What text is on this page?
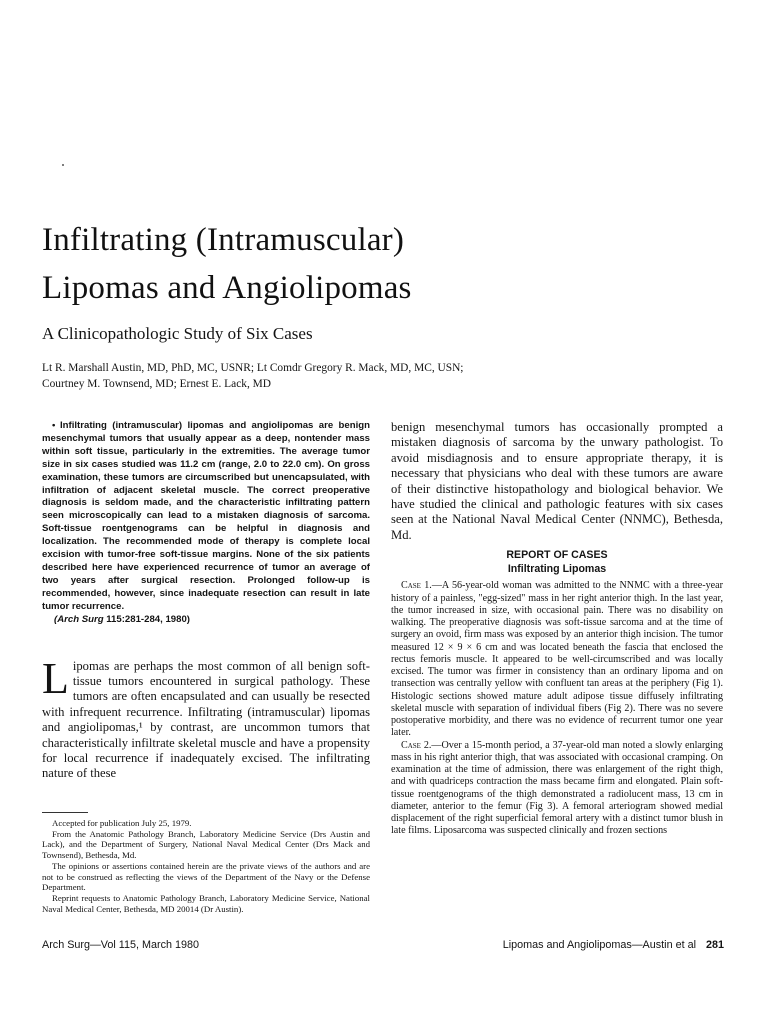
Infiltrating (Intramuscular)
Lipomas and Angiolipomas
A Clinicopathologic Study of Six Cases
Lt R. Marshall Austin, MD, PhD, MC, USNR; Lt Comdr Gregory R. Mack, MD, MC, USN;
Courtney M. Townsend, MD; Ernest E. Lack, MD

• Infiltrating (intramuscular) lipomas and angiolipomas are benign mesenchymal tumors that usually appear as a deep, nontender mass within soft tissue, particularly in the extremities. The average tumor size in six cases studied was 11.2 cm (range, 2.0 to 22.0 cm). On gross examination, these tumors are circumscribed but unencapsulated, with infiltration of adjacent skeletal muscle. The correct preoperative diagnosis is seldom made, and the characteristic infiltrating pattern seen microscopically can lead to a mistaken diagnosis of sarcoma. Soft-tissue roentgenograms can be helpful in diagnosis and localization. The recommended mode of therapy is complete local excision with tumor-free soft-tissue margins. None of the six patients described here have experienced recurrence of tumor an average of two years after surgical resection. Prolonged follow-up is recommended, however, since inadequate resection can result in late tumor recurrence.

(Arch Surg 115:281-284, 1980)

Lipomas are perhaps the most common of all benign soft-tissue tumors encountered in surgical pathology. These tumors are often encapsulated and can usually be resected with infrequent recurrence. Infiltrating (intramuscular) lipomas and angiolipomas,¹ by contrast, are uncommon tumors that characteristically infiltrate skeletal muscle and have a propensity for local recurrence if inadequately excised. The infiltrating nature of these

Accepted for publication July 25, 1979.

From the Anatomic Pathology Branch, Laboratory Medicine Service (Drs Austin and Lack), and the Department of Surgery, National Naval Medical Center (Drs Mack and Townsend), Bethesda, Md.

The opinions or assertions contained herein are the private views of the authors and are not to be construed as reflecting the views of the Department of the Navy or the Defense Department.

Reprint requests to Anatomic Pathology Branch, Laboratory Medicine Service, National Naval Medical Center, Bethesda, MD 20014 (Dr Austin).

benign mesenchymal tumors has occasionally prompted a mistaken diagnosis of sarcoma by the unwary pathologist. To avoid misdiagnosis and to ensure appropriate therapy, it is necessary that physicians who deal with these tumors are aware of their distinctive histopathology and biological behavior. We have studied the clinical and pathologic features with six cases seen at the National Naval Medical Center (NNMC), Bethesda, Md.

REPORT OF CASES
Infiltrating Lipomas

Case 1.—A 56-year-old woman was admitted to the NNMC with a three-year history of a painless, "egg-sized" mass in her right anterior thigh. In the last year, the tumor increased in size, with occasional pain. There was no disability on walking. The preoperative diagnosis was soft-tissue sarcoma and at the time of surgery an ovoid, firm mass was exposed by an anterior thigh incision. The tumor measured 12 × 9 × 6 cm and was located beneath the fascia that enclosed the rectus femoris muscle. It appeared to be well-circumscribed and was locally excised. The tumor was firmer in consistency than an ordinary lipoma and on transection was centrally yellow with confluent tan areas at the periphery (Fig 1). Histologic sections showed mature adult adipose tissue diffusely infiltrating skeletal muscle with separation of individual fibers (Fig 2). There was no severe postoperative morbidity, and there was no evidence of recurrent tumor one year later.

Case 2.—Over a 15-month period, a 37-year-old man noted a slowly enlarging mass in his right anterior thigh, that was associated with occasional cramping. On examination at the time of admission, there was enlargement of the right thigh, and with quadriceps contraction the mass became firm and elongated. Plain soft-tissue roentgenograms of the thigh demonstrated a radiolucent mass, 13 cm in diameter, anterior to the femur (Fig 3). A femoral arteriogram showed medial displacement of the right superficial femoral artery with a distinct tumor blush in late films. Liposarcoma was suspected clinically and frozen sections

Arch Surg—Vol 115, March 1980	Lipomas and Angiolipomas—Austin et al 281
